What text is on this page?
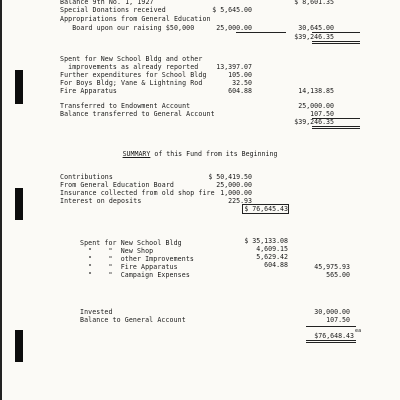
Balance 9th No. 1, 1927	$ 8,601.35
Special Donations received	$ 5,645.00
Appropriations from General Education
Board upon our raising $50,000	25,000.00	30,645.00
$39,246.35
Spent for New School Bldg and other
improvements as already reported	13,397.07
Further expenditures for School Bldg	105.00
For Boys Bldg; Vane & Lightning Rod	32.50
Fire Apparatus	604.88	14,138.85
Transferred to Endowment Account	25,000.00
Balance transferred to General Account	107.50
$39,246.35
SUMMARY of this Fund from its Beginning
Contributions	$ 50,419.50
From General Education Board	25,000.00
Insurance collected from old shop fire 1,000.00
Interest on deposits	225.93
$ 76,645.43
Spent for New School Bldg	$ 35,133.08
"    "  New Shop	4,609.15
"    "  other Improvements	5,629.42
"    "  Fire Apparatus	604.88	45,975.93
"    "  Campaign Expenses	565.00
Invested	30,000.00
Balance to General Account	107.50
$76,648.43
ea
